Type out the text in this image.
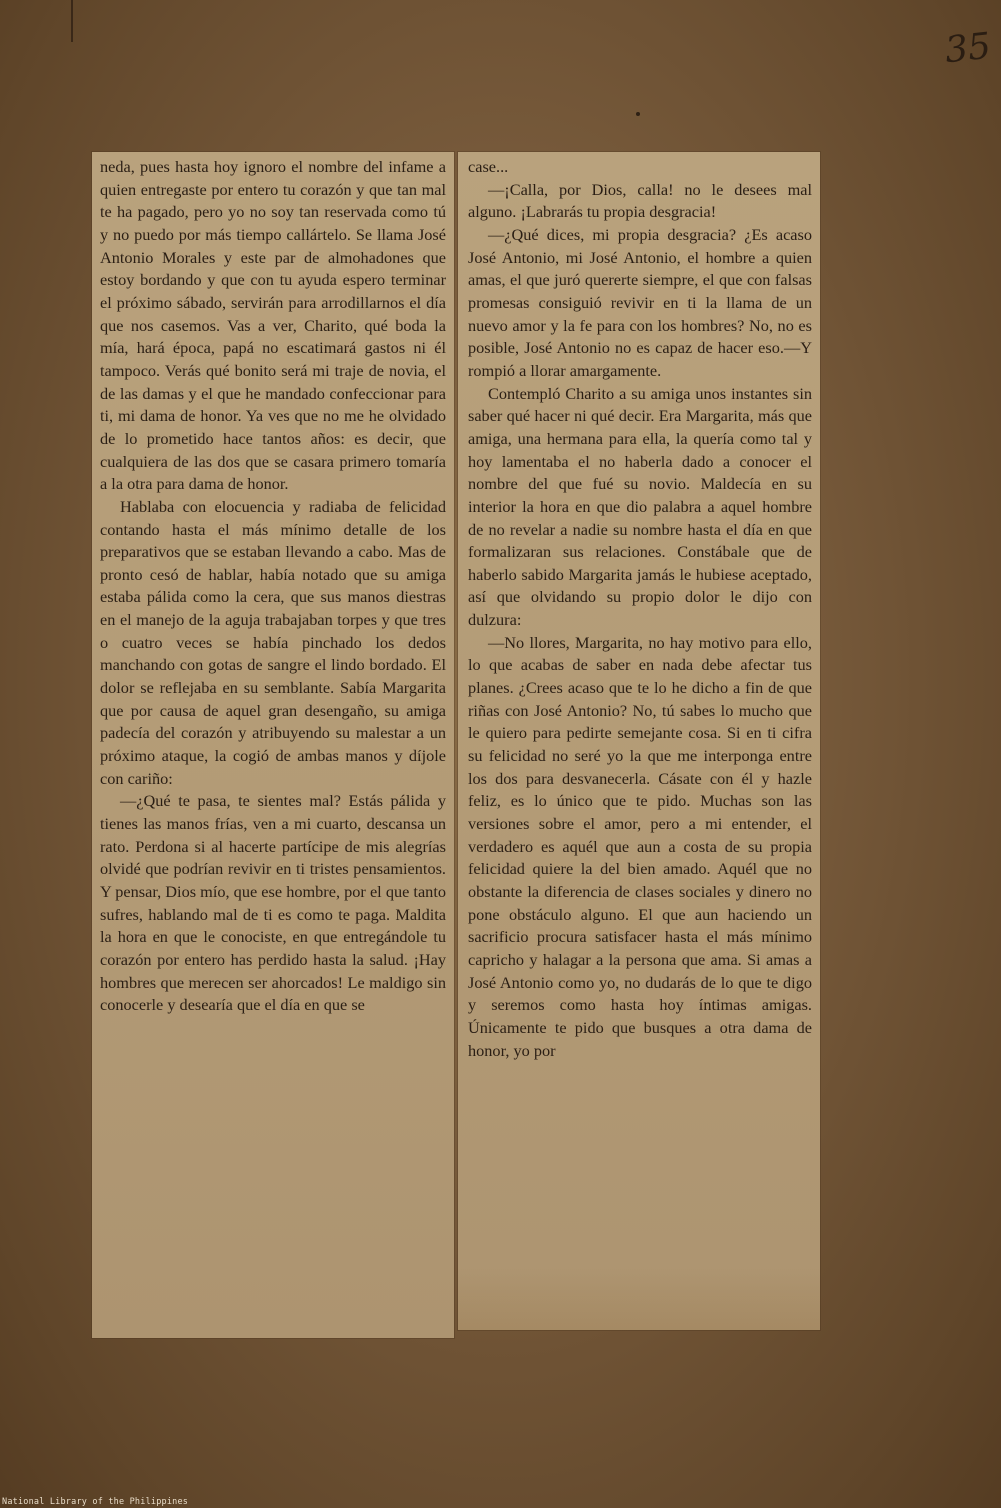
35

neda, pues hasta hoy ignoro el nombre del infame a quien entregaste por entero tu corazón y que tan mal te ha pagado, pero yo no soy tan reservada como tú y no puedo por más tiempo callártelo. Se llama José Antonio Morales y este par de almohadones que estoy bordando y que con tu ayuda espero terminar el próximo sábado, servirán para arrodillarnos el día que nos casemos. Vas a ver, Charito, qué boda la mía, hará época, papá no escatimará gastos ni él tampoco. Verás qué bonito será mi traje de novia, el de las damas y el que he mandado confeccionar para ti, mi dama de honor. Ya ves que no me he olvidado de lo prometido hace tantos años: es decir, que cualquiera de las dos que se casara primero tomaría a la otra para dama de honor.

Hablaba con elocuencia y radiaba de felicidad contando hasta el más mínimo detalle de los preparativos que se estaban llevando a cabo. Mas de pronto cesó de hablar, había notado que su amiga estaba pálida como la cera, que sus manos diestras en el manejo de la aguja trabajaban torpes y que tres o cuatro veces se había pinchado los dedos manchando con gotas de sangre el lindo bordado. El dolor se reflejaba en su semblante. Sabía Margarita que por causa de aquel gran desengaño, su amiga padecía del corazón y atribuyendo su malestar a un próximo ataque, la cogió de ambas manos y díjole con cariño:

—¿Qué te pasa, te sientes mal? Estás pálida y tienes las manos frías, ven a mi cuarto, descansa un rato. Perdona si al hacerte partícipe de mis alegrías olvidé que podrían revivir en ti tristes pensamientos. Y pensar, Dios mío, que ese hombre, por el que tanto sufres, hablando mal de ti es como te paga. Maldita la hora en que le conociste, en que entregándole tu corazón por entero has perdido hasta la salud. ¡Hay hombres que merecen ser ahorcados! Le maldigo sin conocerle y desearía que el día en que se

case...

—¡Calla, por Dios, calla! no le desees mal alguno. ¡Labrarás tu propia desgracia!

—¿Qué dices, mi propia desgracia? ¿Es acaso José Antonio, mi José Antonio, el hombre a quien amas, el que juró quererte siempre, el que con falsas promesas consiguió revivir en ti la llama de un nuevo amor y la fe para con los hombres? No, no es posible, José Antonio no es capaz de hacer eso.—Y rompió a llorar amargamente.

Contempló Charito a su amiga unos instantes sin saber qué hacer ni qué decir. Era Margarita, más que amiga, una hermana para ella, la quería como tal y hoy lamentaba el no haberla dado a conocer el nombre del que fué su novio. Maldecía en su interior la hora en que dio palabra a aquel hombre de no revelar a nadie su nombre hasta el día en que formalizaran sus relaciones. Constábale que de haberlo sabido Margarita jamás le hubiese aceptado, así que olvidando su propio dolor le dijo con dulzura:

—No llores, Margarita, no hay motivo para ello, lo que acabas de saber en nada debe afectar tus planes. ¿Crees acaso que te lo he dicho a fin de que riñas con José Antonio? No, tú sabes lo mucho que le quiero para pedirte semejante cosa. Si en ti cifra su felicidad no seré yo la que me interponga entre los dos para desvanecerla. Cásate con él y hazle feliz, es lo único que te pido. Muchas son las versiones sobre el amor, pero a mi entender, el verdadero es aquél que aun a costa de su propia felicidad quiere la del bien amado. Aquél que no obstante la diferencia de clases sociales y dinero no pone obstáculo alguno. El que aun haciendo un sacrificio procura satisfacer hasta el más mínimo capricho y halagar a la persona que ama. Si amas a José Antonio como yo, no dudarás de lo que te digo y seremos como hasta hoy íntimas amigas. Únicamente te pido que busques a otra dama de honor, yo por

National Library of the Philippines
